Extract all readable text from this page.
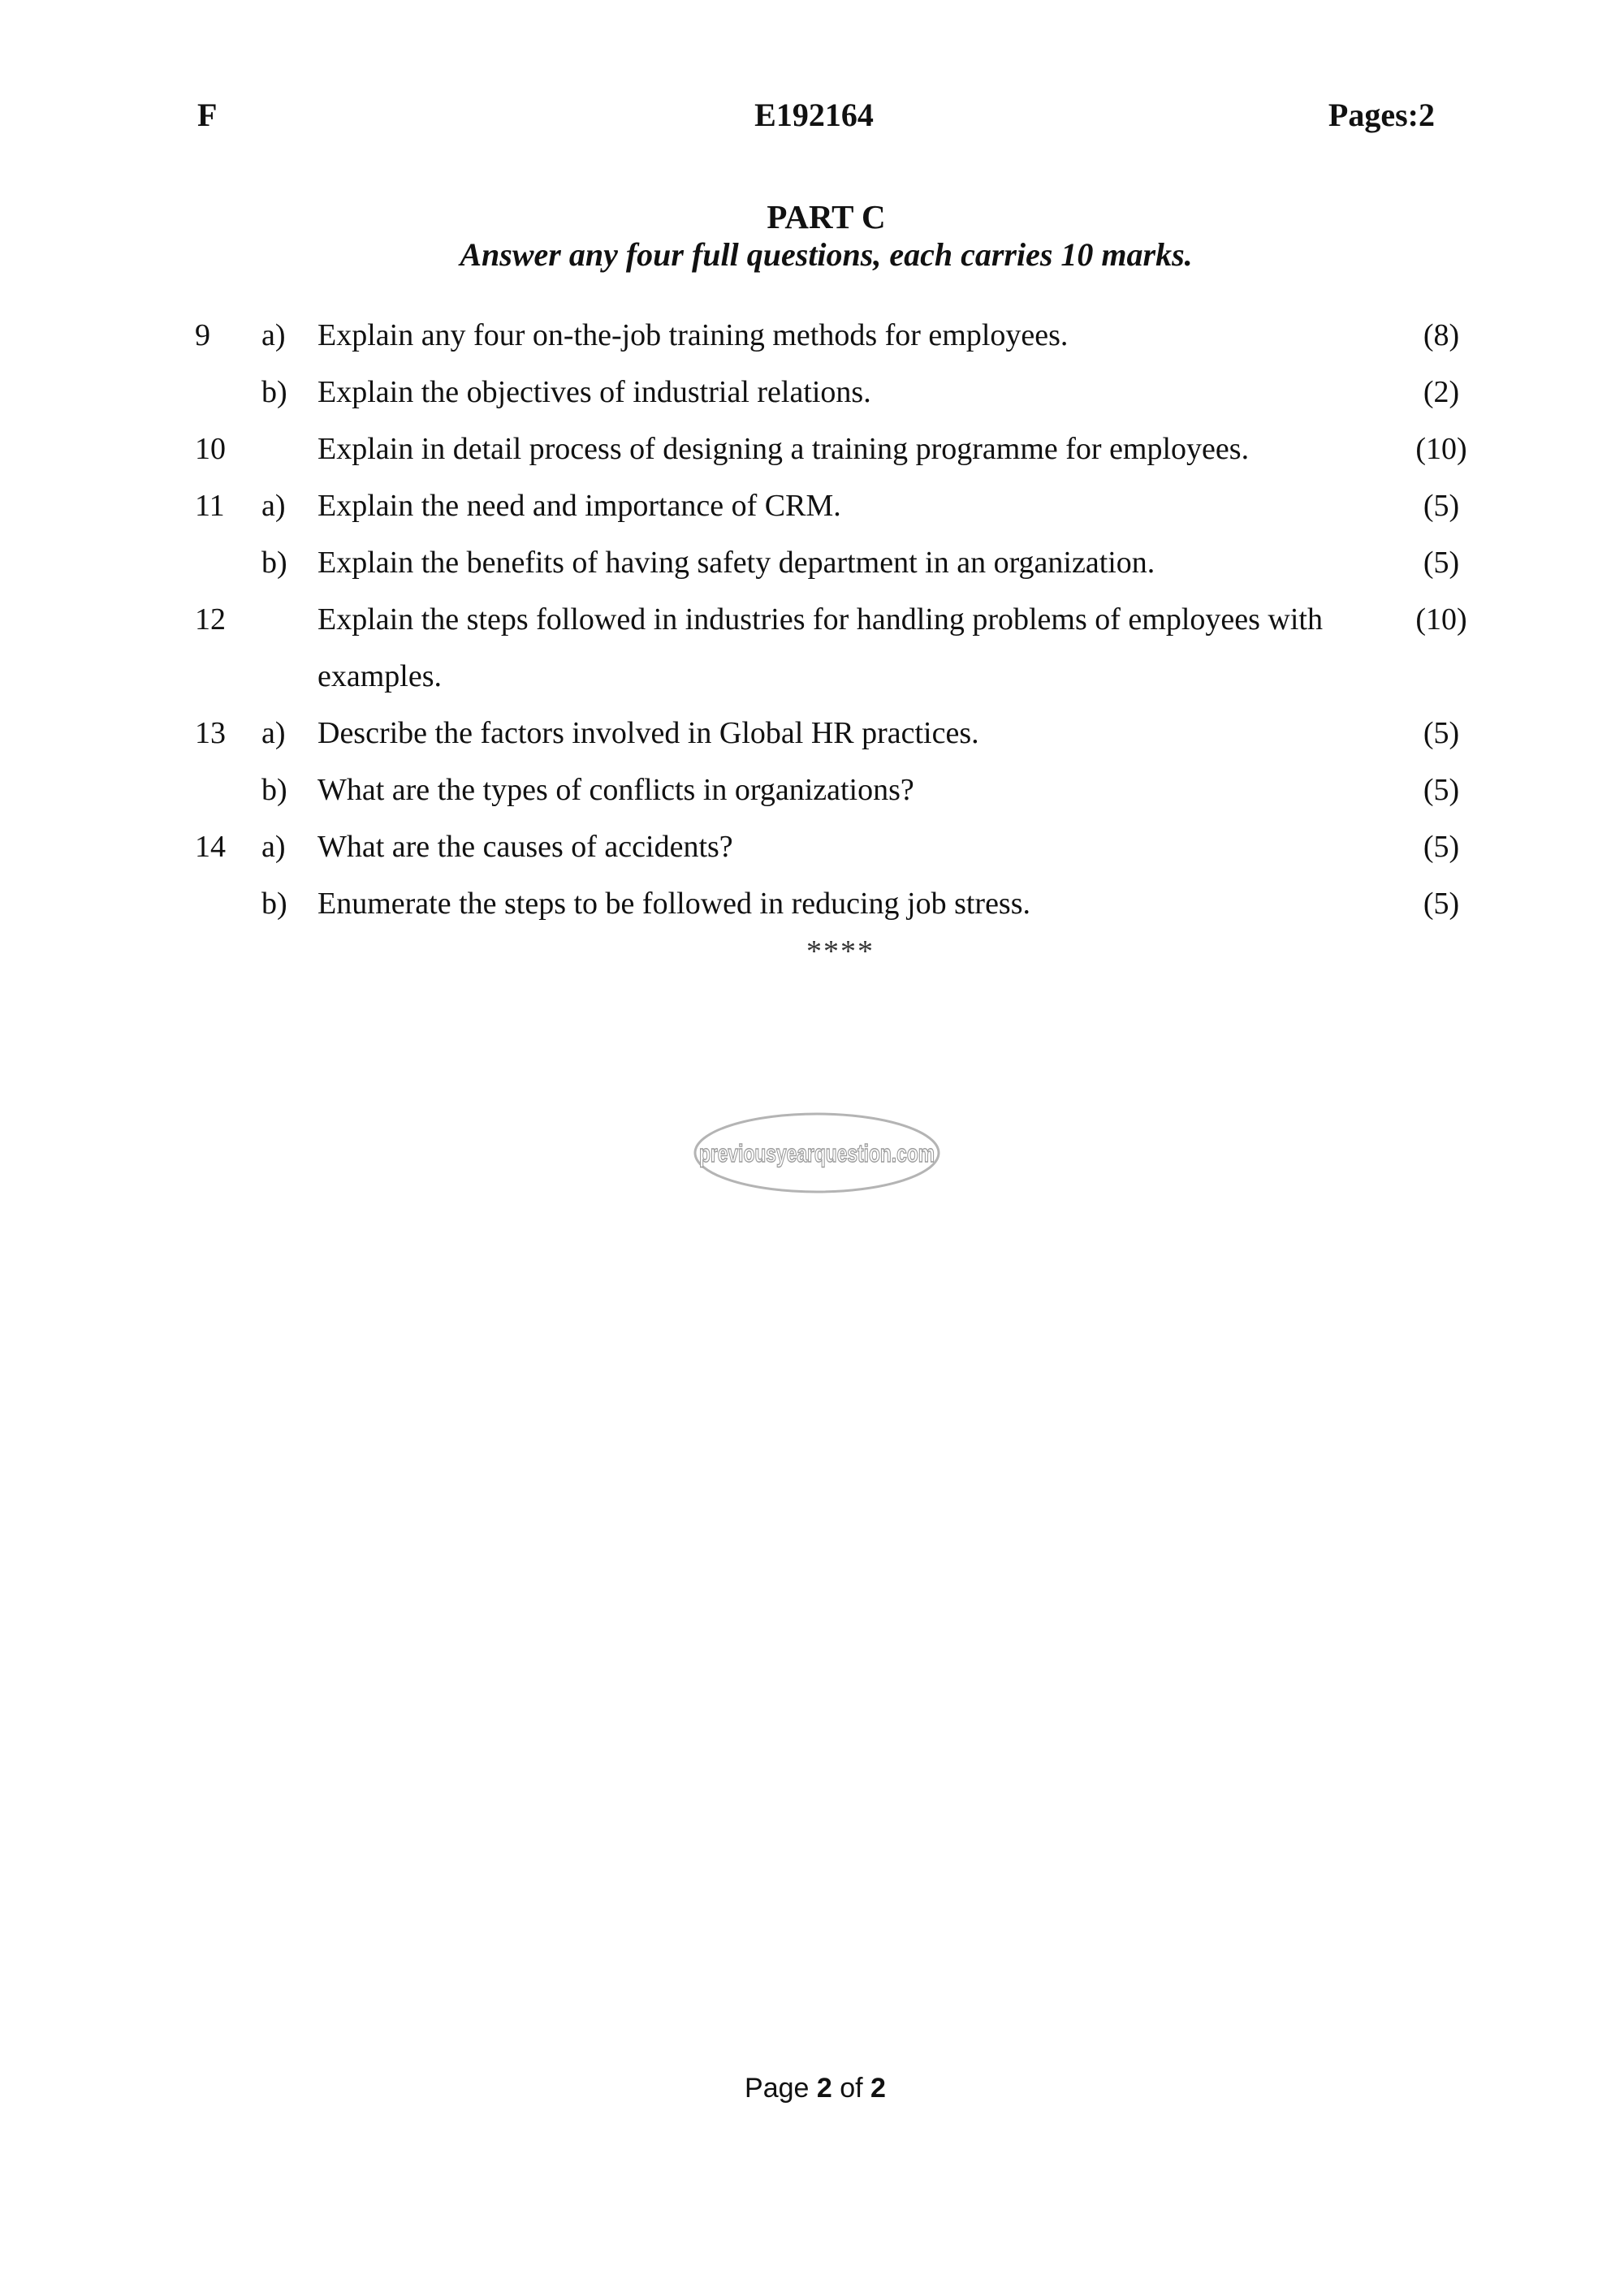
F	E192164	Pages:2
PART C
Answer any four full questions, each carries 10 marks.
9	a)	Explain any four on-the-job training methods for employees.	(8)
b) Explain the objectives of industrial relations.	(2)
10	Explain in detail process of designing a training programme for employees.	(10)
11	a)	Explain the need and importance of CRM.	(5)
b) Explain the benefits of having safety department in an organization.	(5)
12	Explain the steps followed in industries for handling problems of employees with
examples.
(10)
13	a)	Describe the factors involved in Global HR practices.	(5)
b) What are the types of conflicts in organizations?	(5)
14	a)	What are the causes of accidents?	(5)
b) Enumerate the steps to be followed in reducing job stress.	(5)
****
previousyearquestion.com
Page 2 of 2
